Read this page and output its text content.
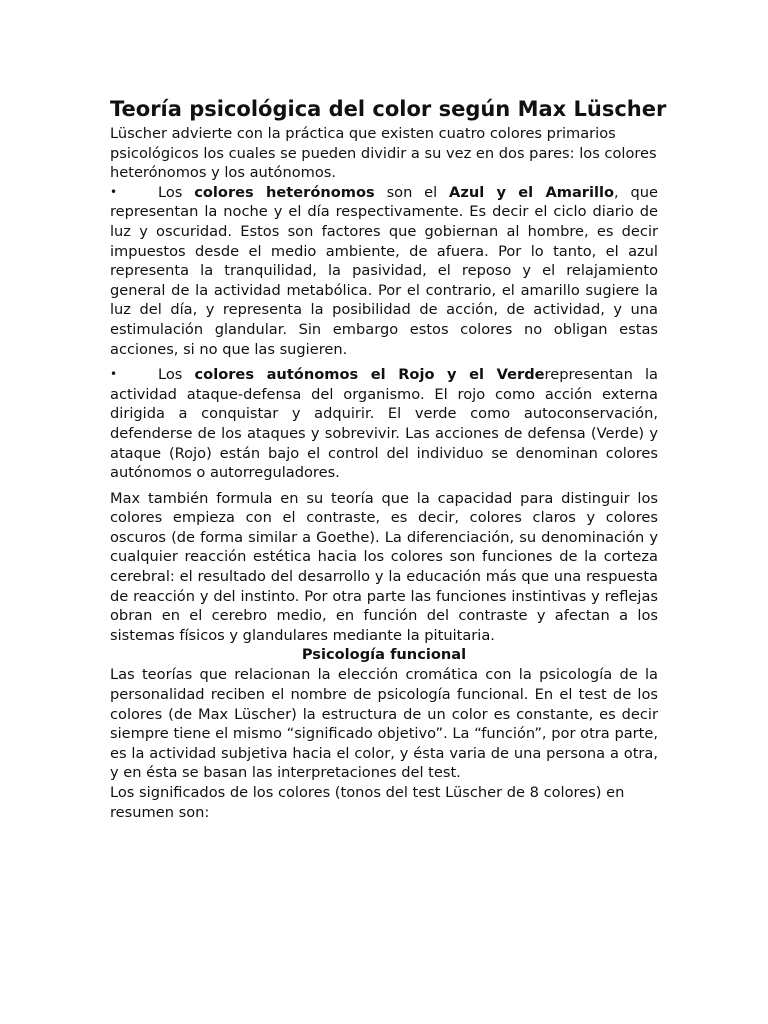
Teoría psicológica del color según Max Lüscher

Lüscher advierte con la práctica que existen cuatro colores primarios psicológicos los cuales se pueden dividir a su vez en dos pares: los colores heterónomos y los autónomos.

•	Los colores heterónomos son el Azul y el Amarillo, que representan la noche y el día respectivamente. Es decir el ciclo diario de luz y oscuridad. Estos son factores que gobiernan al hombre, es decir impuestos desde el medio ambiente, de afuera. Por lo tanto, el azul representa la tranquilidad, la pasividad, el reposo y el relajamiento general de la actividad metabólica. Por el contrario, el amarillo sugiere la luz del día, y representa la posibilidad de acción, de actividad, y una estimulación glandular. Sin embargo estos colores no obligan estas acciones, si no que las sugieren.

•	Los colores autónomos el Rojo y el Verderepresentan la actividad ataque-defensa del organismo. El rojo como acción externa dirigida a conquistar y adquirir. El verde como autoconservación, defenderse de los ataques y sobrevivir. Las acciones de defensa (Verde) y ataque (Rojo) están bajo el control del individuo se denominan colores autónomos o autorreguladores.

Max también formula en su teoría que la capacidad para distinguir los colores empieza con el contraste, es decir, colores claros y colores oscuros (de forma similar a Goethe). La diferenciación, su denominación y cualquier reacción estética hacia los colores son funciones de la corteza cerebral: el resultado del desarrollo y la educación más que una respuesta de reacción y del instinto. Por otra parte las funciones instintivas y reflejas obran en el cerebro medio, en función del contraste y afectan a los sistemas físicos y glandulares mediante la pituitaria.

Psicología funcional

Las teorías que relacionan la elección cromática con la psicología de la personalidad reciben el nombre de psicología funcional. En el test de los colores (de Max Lüscher) la estructura de un color es constante, es decir siempre tiene el mismo “significado objetivo”. La “función”, por otra parte, es la actividad subjetiva hacia el color, y ésta varia de una persona a otra, y en ésta se basan las interpretaciones del test.

Los significados de los colores (tonos del test Lüscher de 8 colores) en resumen son:
